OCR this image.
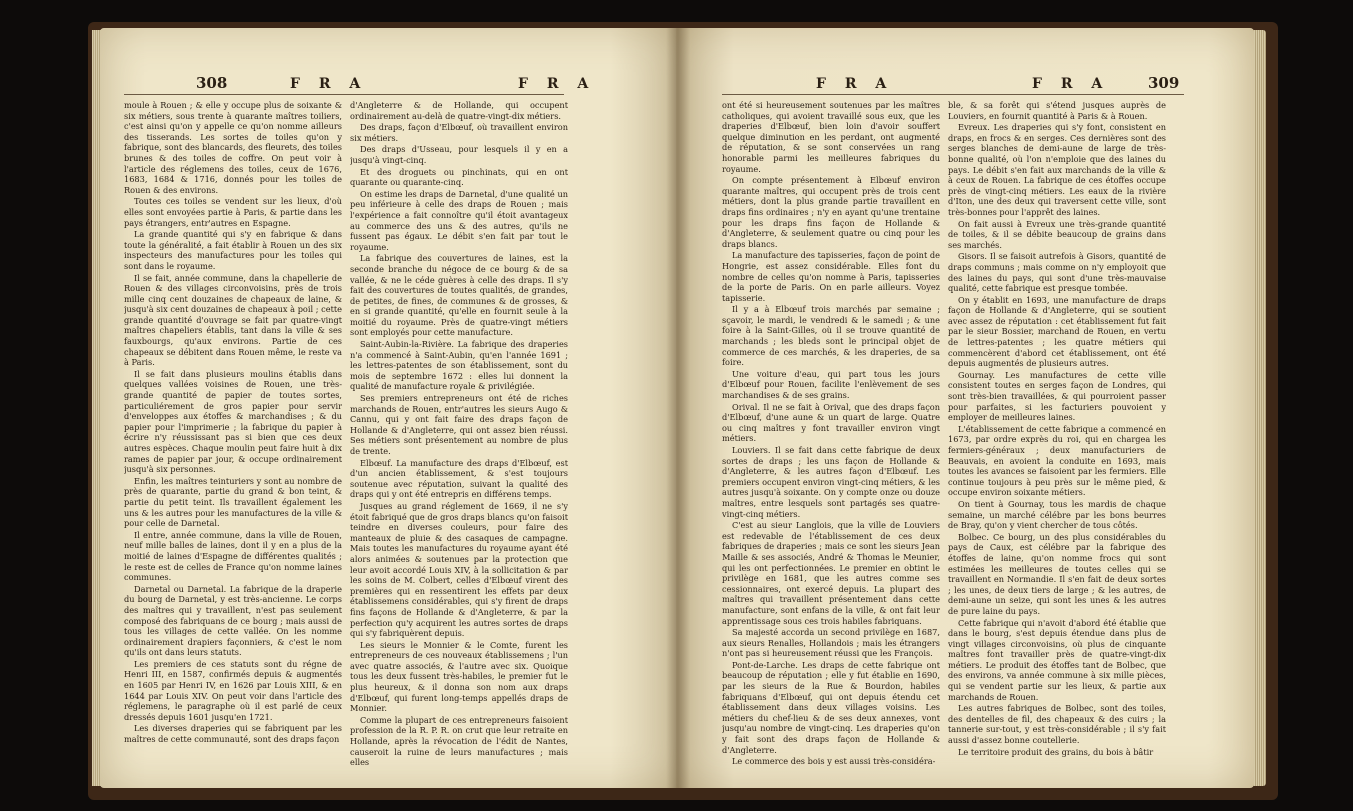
308	F R A	F R A

moule à Rouen ; & elle y occupe plus de soixante & six métiers, sous trente à quarante maîtres toiliers, c'est ainsi qu'on y appelle ce qu'on nomme ailleurs des tisserands. Les sortes de toiles qu'on y fabrique, sont des blancards, des fleurets, des toiles brunes & des toiles de coffre. On peut voir à l'article des réglemens des toiles, ceux de 1676, 1683, 1684 & 1716, donnés pour les toiles de Rouen & des environs.

Toutes ces toiles se vendent sur les lieux, d'où elles sont envoyées partie à Paris, & partie dans les pays étrangers, entr'autres en Espagne.

La grande quantité qui s'y en fabrique & dans toute la généralité, a fait établir à Rouen un des six inspecteurs des manufactures pour les toiles qui sont dans le royaume.

Il se fait, année commune, dans la chapellerie de Rouen & des villages circonvoisins, près de trois mille cinq cent douzaines de chapeaux de laine, & jusqu'à six cent douzaines de chapeaux à poil ; cette grande quantité d'ouvrage se fait par quatre-vingt maîtres chapeliers établis, tant dans la ville & ses fauxbourgs, qu'aux environs. Partie de ces chapeaux se débitent dans Rouen même, le reste va à Paris.

Il se fait dans plusieurs moulins établis dans quelques vallées voisines de Rouen, une très-grande quantité de papier de toutes sortes, particuliérement de gros papier pour servir d'enveloppes aux étoffes & marchandises ; & du papier pour l'imprimerie ; la fabrique du papier à écrire n'y réussissant pas si bien que ces deux autres espèces. Chaque moulin peut faire huit à dix rames de papier par jour, & occupe ordinairement jusqu'à six personnes.

Enfin, les maîtres teinturiers y sont au nombre de près de quarante, partie du grand & bon teint, & partie du petit teint. Ils travaillent également les uns & les autres pour les manufactures de la ville & pour celle de Darnetal.

Il entre, année commune, dans la ville de Rouen, neuf mille balles de laines, dont il y en a plus de la moitié de laines d'Espagne de différentes qualités ; le reste est de celles de France qu'on nomme laines communes.

Darnetal ou Darnetal. La fabrique de la draperie du bourg de Darnetal, y est très-ancienne. Le corps des maîtres qui y travaillent, n'est pas seulement composé des fabriquans de ce bourg ; mais aussi de tous les villages de cette vallée. On les nomme ordinairement drapiers façonniers, & c'est le nom qu'ils ont dans leurs statuts.

Les premiers de ces statuts sont du régne de Henri III, en 1587, confirmés depuis & augmentés en 1605 par Henri IV, en 1626 par Louis XIII, & en 1644 par Louis XIV. On peut voir dans l'article des réglemens, le paragraphe où il est parlé de ceux dressés depuis 1601 jusqu'en 1721.

Les diverses draperies qui se fabriquent par les maîtres de cette communauté, sont des draps façon

d'Angleterre & de Hollande, qui occupent ordinairement au-delà de quatre-vingt-dix métiers.

Des draps, façon d'Elbœuf, où travaillent environ six métiers.

Des draps d'Usseau, pour lesquels il y en a jusqu'à vingt-cinq.

Et des droguets ou pinchinats, qui en ont quarante ou quarante-cinq.

On estime les draps de Darnetal, d'une qualité un peu inférieure à celle des draps de Rouen ; mais l'expérience a fait connoître qu'il étoit avantageux au commerce des uns & des autres, qu'ils ne fussent pas égaux. Le débit s'en fait par tout le royaume.

La fabrique des couvertures de laines, est la seconde branche du négoce de ce bourg & de sa vallée, & ne le céde guères à celle des draps. Il s'y fait des couvertures de toutes qualités, de grandes, de petites, de fines, de communes & de grosses, & en si grande quantité, qu'elle en fournit seule à la moitié du royaume. Près de quatre-vingt métiers sont employés pour cette manufacture.

Saint-Aubin-la-Rivière. La fabrique des draperies n'a commencé à Saint-Aubin, qu'en l'année 1691 ; les lettres-patentes de son établissement, sont du mois de septembre 1672 : elles lui donnent la qualité de manufacture royale & privilégiée.

Ses premiers entrepreneurs ont été de riches marchands de Rouen, entr'autres les sieurs Augo & Cannu, qui y ont fait faire des draps façon de Hollande & d'Angleterre, qui ont assez bien réussi. Ses métiers sont présentement au nombre de plus de trente.

Elbœuf. La manufacture des draps d'Elbœuf, est d'un ancien établissement, & s'est toujours soutenue avec réputation, suivant la qualité des draps qui y ont été entrepris en différens temps.

Jusques au grand réglement de 1669, il ne s'y étoit fabriqué que de gros draps blancs qu'on faisoit teindre en diverses couleurs, pour faire des manteaux de pluie & des casaques de campagne. Mais toutes les manufactures du royaume ayant été alors animées & soutenues par la protection que leur avoit accordé Louis XIV, à la sollicitation & par les soins de M. Colbert, celles d'Elbœuf virent des premières qui en ressentirent les effets par deux établissemens considérables, qui s'y firent de draps fins façons de Hollande & d'Angleterre, & par la perfection qu'y acquirent les autres sortes de draps qui s'y fabriquèrent depuis.

Les sieurs le Monnier & le Comte, furent les entrepreneurs de ces nouveaux établissemens ; l'un avec quatre associés, & l'autre avec six. Quoique tous les deux fussent très-habiles, le premier fut le plus heureux, & il donna son nom aux draps d'Elbœuf, qui furent long-temps appellés draps de Monnier.

Comme la plupart de ces entrepreneurs faisoient profession de la R. P. R. on crut que leur retraite en Hollande, après la révocation de l'édit de Nantes, causeroit la ruine de leurs manufactures ; mais elles

F R A	F R A	309

ont été si heureusement soutenues par les maîtres catholiques, qui avoient travaillé sous eux, que les draperies d'Elbœuf, bien loin d'avoir souffert quelque diminution en les perdant, ont augmenté de réputation, & se sont conservées un rang honorable parmi les meilleures fabriques du royaume.

On compte présentement à Elbœuf environ quarante maîtres, qui occupent près de trois cent métiers, dont la plus grande partie travaillent en draps fins ordinaires ; n'y en ayant qu'une trentaine pour les draps fins façon de Hollande & d'Angleterre, & seulement quatre ou cinq pour les draps blancs.

La manufacture des tapisseries, façon de point de Hongrie, est assez considérable. Elles font du nombre de celles qu'on nomme à Paris, tapisseries de la porte de Paris. On en parle ailleurs. Voyez tapisserie.

Il y a à Elbœuf trois marchés par semaine ; sçavoir, le mardi, le vendredi & le samedi ; & une foire à la Saint-Gilles, où il se trouve quantité de marchands ; les bleds sont le principal objet de commerce de ces marchés, & les draperies, de sa foire.

Une voiture d'eau, qui part tous les jours d'Elbœuf pour Rouen, facilite l'enlèvement de ses marchandises & de ses grains.

Orival. Il ne se fait à Orival, que des draps façon d'Elbœuf, d'une aune & un quart de large. Quatre ou cinq maîtres y font travailler environ vingt métiers.

Louviers. Il se fait dans cette fabrique de deux sortes de draps ; les uns façon de Hollande & d'Angleterre, & les autres façon d'Elbœuf. Les premiers occupent environ vingt-cinq métiers, & les autres jusqu'à soixante. On y compte onze ou douze maîtres, entre lesquels sont partagés ses quatre-vingt-cinq métiers.

C'est au sieur Langlois, que la ville de Louviers est redevable de l'établissement de ces deux fabriques de draperies ; mais ce sont les sieurs Jean Maille & ses associés, André & Thomas le Meunier, qui les ont perfectionnées. Le premier en obtint le privilège en 1681, que les autres comme ses cessionnaires, ont exercé depuis. La plupart des maîtres qui travaillent présentement dans cette manufacture, sont enfans de la ville, & ont fait leur apprentissage sous ces trois habiles fabriquans.

Sa majesté accorda un second privilège en 1687, aux sieurs Renalles, Hollandois ; mais les étrangers n'ont pas si heureusement réussi que les François.

Pont-de-Larche. Les draps de cette fabrique ont beaucoup de réputation ; elle y fut établie en 1690, par les sieurs de la Rue & Bourdon, habiles fabriquans d'Elbœuf, qui ont depuis étendu cet établissement dans deux villages voisins. Les métiers du chef-lieu & de ses deux annexes, vont jusqu'au nombre de vingt-cinq. Les draperies qu'on y fait sont des draps façon de Hollande & d'Angleterre.

Le commerce des bois y est aussi très-considéra-

ble, & sa forêt qui s'étend jusques auprès de Louviers, en fournit quantité à Paris & à Rouen.

Evreux. Les draperies qui s'y font, consistent en draps, en frocs & en serges. Ces dernières sont des serges blanches de demi-aune de large de très-bonne qualité, où l'on n'emploie que des laines du pays. Le débit s'en fait aux marchands de la ville & à ceux de Rouen. La fabrique de ces étoffes occupe près de vingt-cinq métiers. Les eaux de la rivière d'Iton, une des deux qui traversent cette ville, sont très-bonnes pour l'apprêt des laines.

On fait aussi à Evreux une très-grande quantité de toiles, & il se débite beaucoup de grains dans ses marchés.

Gisors. Il se faisoit autrefois à Gisors, quantité de draps communs ; mais comme on n'y employoit que des laines du pays, qui sont d'une très-mauvaise qualité, cette fabrique est presque tombée.

On y établit en 1693, une manufacture de draps façon de Hollande & d'Angleterre, qui se soutient avec assez de réputation : cet établissement fut fait par le sieur Bossier, marchand de Rouen, en vertu de lettres-patentes ; les quatre métiers qui commencèrent d'abord cet établissement, ont été depuis augmentés de plusieurs autres.

Gournay. Les manufactures de cette ville consistent toutes en serges façon de Londres, qui sont très-bien travaillées, & qui pourroient passer pour parfaites, si les facturiers pouvoient y employer de meilleures laines.

L'établissement de cette fabrique a commencé en 1673, par ordre exprès du roi, qui en chargea les fermiers-généraux ; deux manufacturiers de Beauvais, en avoient la conduite en 1693, mais toutes les avances se faisoient par les fermiers. Elle continue toujours à peu près sur le même pied, & occupe environ soixante métiers.

On tient à Gournay, tous les mardis de chaque semaine, un marché célébre par les bons beurres de Bray, qu'on y vient chercher de tous côtés.

Bolbec. Ce bourg, un des plus considérables du pays de Caux, est célébre par la fabrique des étoffes de laine, qu'on nomme frocs qui sont estimées les meilleures de toutes celles qui se travaillent en Normandie. Il s'en fait de deux sortes ; les unes, de deux tiers de large ; & les autres, de demi-aune un seize, qui sont les unes & les autres de pure laine du pays.

Cette fabrique qui n'avoit d'abord été établie que dans le bourg, s'est depuis étendue dans plus de vingt villages circonvoisins, où plus de cinquante maîtres font travailler près de quatre-vingt-dix métiers. Le produit des étoffes tant de Bolbec, que des environs, va année commune à six mille pièces, qui se vendent partie sur les lieux, & partie aux marchands de Rouen.

Les autres fabriques de Bolbec, sont des toiles, des dentelles de fil, des chapeaux & des cuirs ; la tannerie sur-tout, y est très-considérable ; il s'y fait aussi d'assez bonne coutellerie.

Le territoire produit des grains, du bois à bâtir
